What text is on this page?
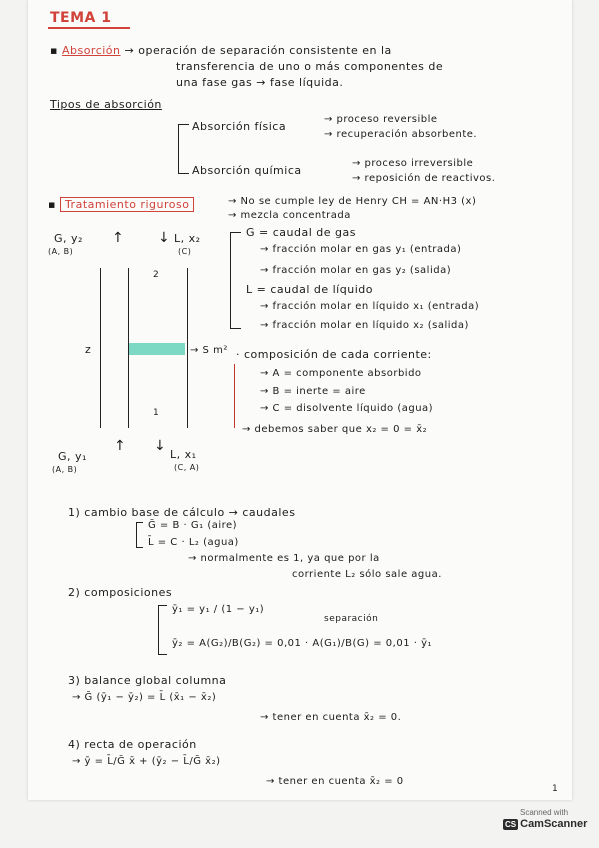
TEMA 1
▪ Absorción → operación de separación consistente en la
transferencia de uno o más componentes de
una fase gas → fase líquida.
Tipos de absorción
Absorción física
→ proceso reversible
→ recuperación absorbente.
Absorción química
→ proceso irreversible
→ reposición de reactivos.
▪ Tratamiento riguroso	→ No se cumple ley de Henry CH = AN·H3 (x)
→ mezcla concentrada
G, y₂
(A, B)
↑ ↓ L, x₂
(C)
z
2
→ S m²
1
G, y₁
(A, B)
↑ ↓
L, x₁
(C, A)
G = caudal de gas
→ fracción molar en gas y₁ (entrada)
→ fracción molar en gas y₂ (salida)
L = caudal de líquido
→ fracción molar en líquido x₁ (entrada)
→ fracción molar en líquido x₂ (salida)
· composición de cada corriente:
→ A = componente absorbido
→ B = inerte = aire
→ C = disolvente líquido (agua)
→ debemos saber que x₂ = 0 = x̄₂
1) cambio base de cálculo → caudales
Ḡ = B · G₁ (aire)
L̄ = C · L₂ (agua)
→ normalmente es 1, ya que por la
corriente L₂ sólo sale agua.
2) composiciones
ȳ₁ = y₁ / (1 − y₁)
separación
ȳ₂ = A(G₂)/B(G₂) = 0,01 · A(G₁)/B(G) = 0,01 · ȳ₁
3) balance global columna
→ Ḡ (ȳ₁ − ȳ₂) = L̄ (x̄₁ − x̄₂)
→ tener en cuenta x̄₂ = 0.
4) recta de operación
→ ȳ = L̄/Ḡ x̄ + (ȳ₂ − L̄/Ḡ x̄₂)
→ tener en cuenta x̄₂ = 0
1
Scanned with
CS CamScanner
